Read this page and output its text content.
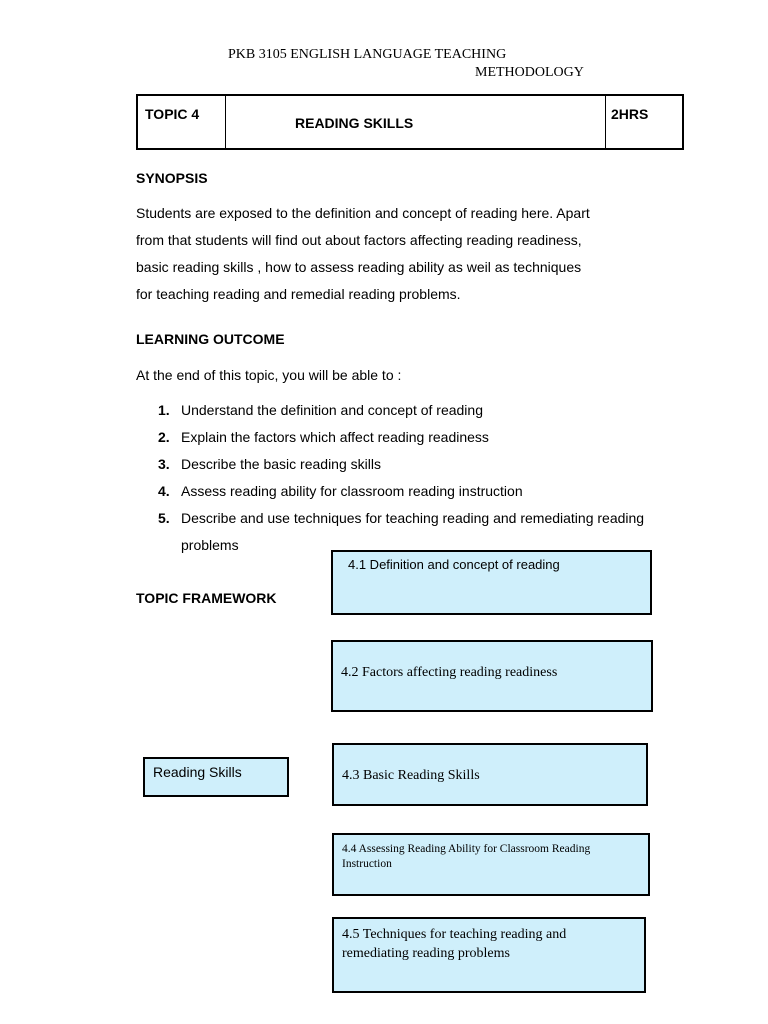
PKB 3105 ENGLISH LANGUAGE TEACHING
METHODOLOGY
TOPIC 4
READING SKILLS
2HRS
SYNOPSIS
Students are exposed to the definition and concept of reading here. Apart
from that students will find out about factors affecting reading readiness,
basic reading skills , how to assess reading ability as weil as techniques
for teaching reading and remedial reading problems.
LEARNING OUTCOME
At the end of this topic, you will be able to :
1. Understand the definition and concept of reading
2. Explain the factors which affect reading readiness
3. Describe the basic reading skills
4. Assess reading ability for classroom reading instruction
5. Describe and use techniques for teaching reading and remediating reading problems
TOPIC FRAMEWORK
Reading Skills
4.1 Definition and concept of reading
4.2 Factors affecting reading readiness
4.3 Basic Reading Skills
4.4 Assessing Reading Ability for Classroom Reading Instruction
4.5 Techniques for teaching reading and remediating reading problems
